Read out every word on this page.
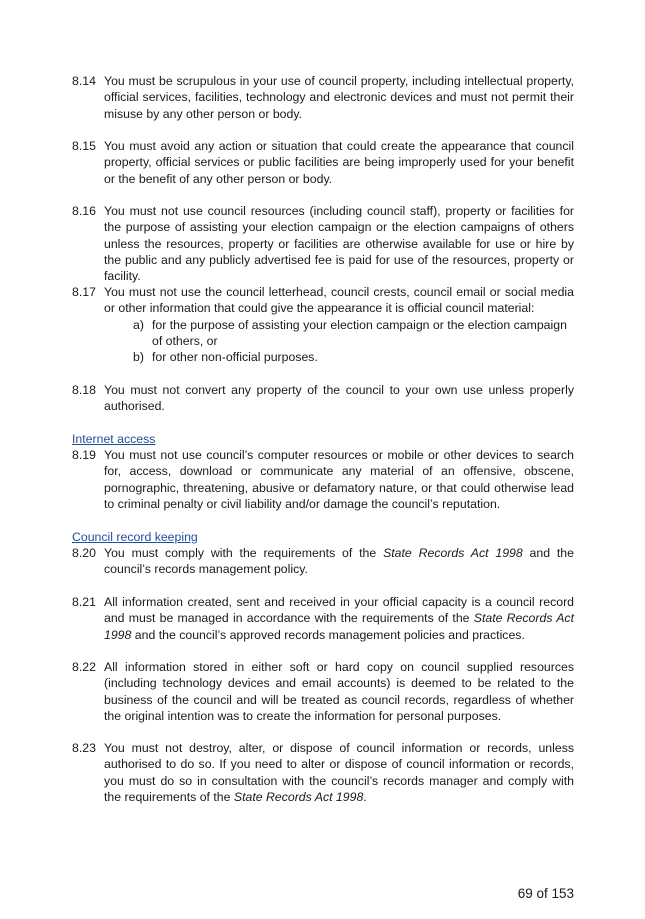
8.14 You must be scrupulous in your use of council property, including intellectual property, official services, facilities, technology and electronic devices and must not permit their misuse by any other person or body.
8.15 You must avoid any action or situation that could create the appearance that council property, official services or public facilities are being improperly used for your benefit or the benefit of any other person or body.
8.16 You must not use council resources (including council staff), property or facilities for the purpose of assisting your election campaign or the election campaigns of others unless the resources, property or facilities are otherwise available for use or hire by the public and any publicly advertised fee is paid for use of the resources, property or facility.
8.17 You must not use the council letterhead, council crests, council email or social media or other information that could give the appearance it is official council material:
a) for the purpose of assisting your election campaign or the election campaign of others, or
b) for other non-official purposes.
8.18 You must not convert any property of the council to your own use unless properly authorised.
Internet access
8.19 You must not use council’s computer resources or mobile or other devices to search for, access, download or communicate any material of an offensive, obscene, pornographic, threatening, abusive or defamatory nature, or that could otherwise lead to criminal penalty or civil liability and/or damage the council’s reputation.
Council record keeping
8.20 You must comply with the requirements of the State Records Act 1998 and the council’s records management policy.
8.21 All information created, sent and received in your official capacity is a council record and must be managed in accordance with the requirements of the State Records Act 1998 and the council’s approved records management policies and practices.
8.22 All information stored in either soft or hard copy on council supplied resources (including technology devices and email accounts) is deemed to be related to the business of the council and will be treated as council records, regardless of whether the original intention was to create the information for personal purposes.
8.23 You must not destroy, alter, or dispose of council information or records, unless authorised to do so. If you need to alter or dispose of council information or records, you must do so in consultation with the council’s records manager and comply with the requirements of the State Records Act 1998.
69 of 153
